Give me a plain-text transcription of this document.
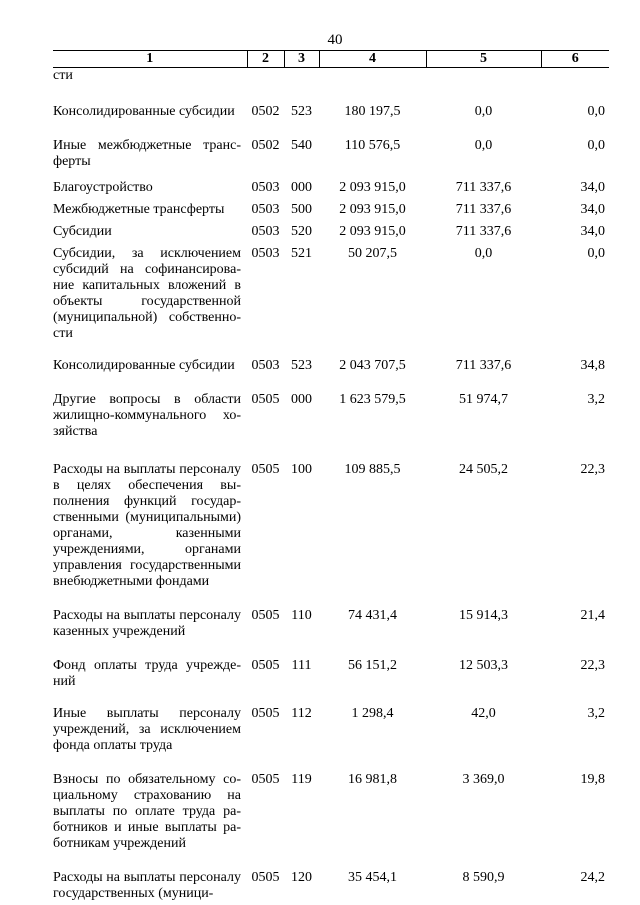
40
1	2	3	4	5	6
сти					

Консолидированные субсидии	0502	523	180 197,5	0,0	0,0

Иные межбюджетные трансферты	0502	540	110 576,5	0,0	0,0

Благоустройство	0503	000	2 093 915,0	711 337,6	34,0

Межбюджетные трансферты	0503	500	2 093 915,0	711 337,6	34,0

Субсидии	0503	520	2 093 915,0	711 337,6	34,0

Субсидии, за исключением субсидий на софинансирование капитальных вложений в объекты государственной (муниципальной) собственности	0503	521	50 207,5	0,0	0,0

Консолидированные субсидии	0503	523	2 043 707,5	711 337,6	34,8

Другие вопросы в области жилищно-коммунального хозяйства	0505	000	1 623 579,5	51 974,7	3,2

Расходы на выплаты персоналу в целях обеспечения выполнения функций государственными (муниципальными) органами, казенными учреждениями, органами управления государственными внебюджетными фондами	0505	100	109 885,5	24 505,2	22,3

Расходы на выплаты персоналу казенных учреждений	0505	110	74 431,4	15 914,3	21,4

Фонд оплаты труда учреждений	0505	111	56 151,2	12 503,3	22,3

Иные выплаты персоналу учреждений, за исключением фонда оплаты труда	0505	112	1 298,4	42,0	3,2

Взносы по обязательному социальному страхованию на выплаты по оплате труда работников и иные выплаты работникам учреждений	0505	119	16 981,8	3 369,0	19,8

Расходы на выплаты персоналу государственных (муници-	0505	120	35 454,1	8 590,9	24,2
